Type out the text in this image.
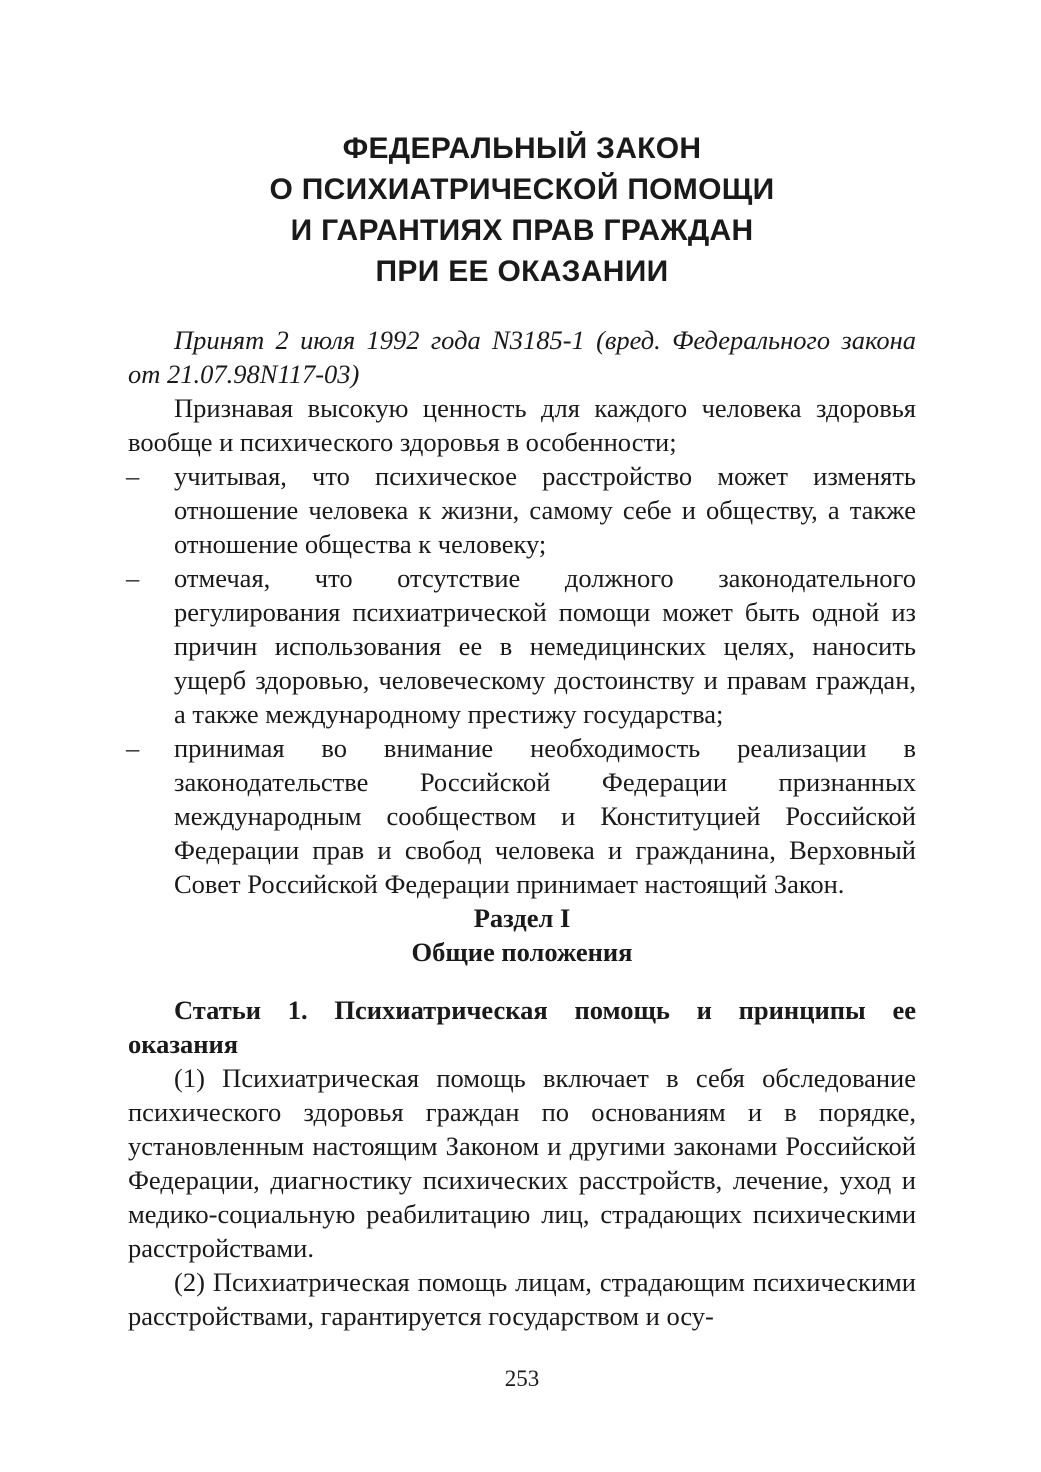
ФЕДЕРАЛЬНЫЙ ЗАКОН
О ПСИХИАТРИЧЕСКОЙ ПОМОЩИ
И ГАРАНТИЯХ ПРАВ ГРАЖДАН
ПРИ ЕЕ ОКАЗАНИИ

Принят 2 июля 1992 года N3185-1 (вред. Федерального закона от 21.07.98N117-03)

Признавая высокую ценность для каждого человека здоровья вообще и психического здоровья в особенности;

– учитывая, что психическое расстройство может изменять отношение человека к жизни, самому себе и обществу, а также отношение общества к человеку;

– отмечая, что отсутствие должного законодательного регулирования психиатрической помощи может быть одной из причин использования ее в немедицинских целях, наносить ущерб здоровью, человеческому достоинству и правам граждан, а также международному престижу государства;

– принимая во внимание необходимость реализации в законодательстве Российской Федерации признанных международным сообществом и Конституцией Российской Федерации прав и свобод человека и гражданина, Верховный Совет Российской Федерации принимает настоящий Закон.

Раздел I

Общие положения

Статьи 1. Психиатрическая помощь и принципы ее оказания

(1) Психиатрическая помощь включает в себя обследование психического здоровья граждан по основаниям и в порядке, установленным настоящим Законом и другими законами Российской Федерации, диагностику психических расстройств, лечение, уход и медико-социальную реабилитацию лиц, страдающих психическими расстройствами.

(2) Психиатрическая помощь лицам, страдающим психическими расстройствами, гарантируется государством и осу-

253
